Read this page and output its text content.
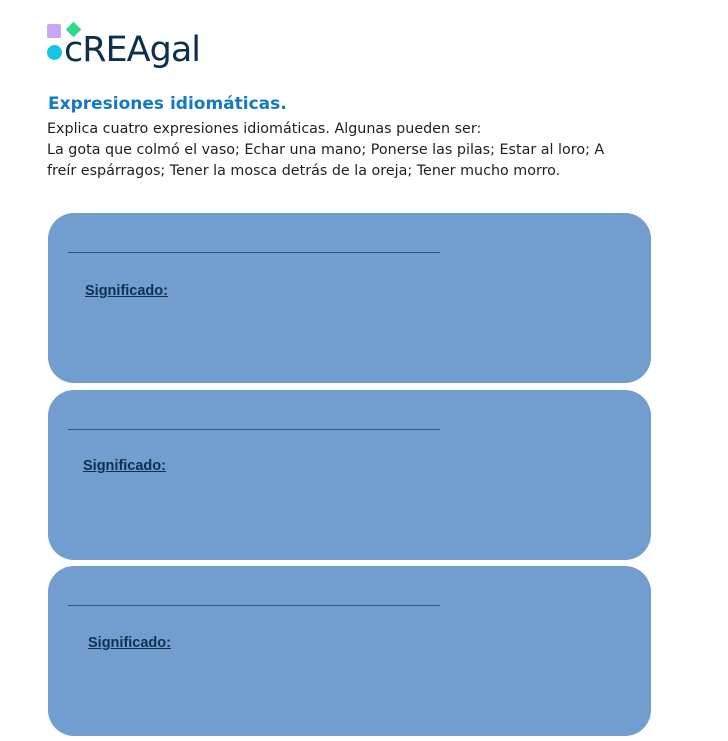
cREAgal
Expresiones idiomáticas.

Explica cuatro expresiones idiomáticas. Algunas pueden ser:

La gota que colmó el vaso; Echar una mano; Ponerse las pilas; Estar al loro; A

freír espárragos; Tener la mosca detrás de la oreja; Tener mucho morro.

Significado:
Significado:
Significado:
